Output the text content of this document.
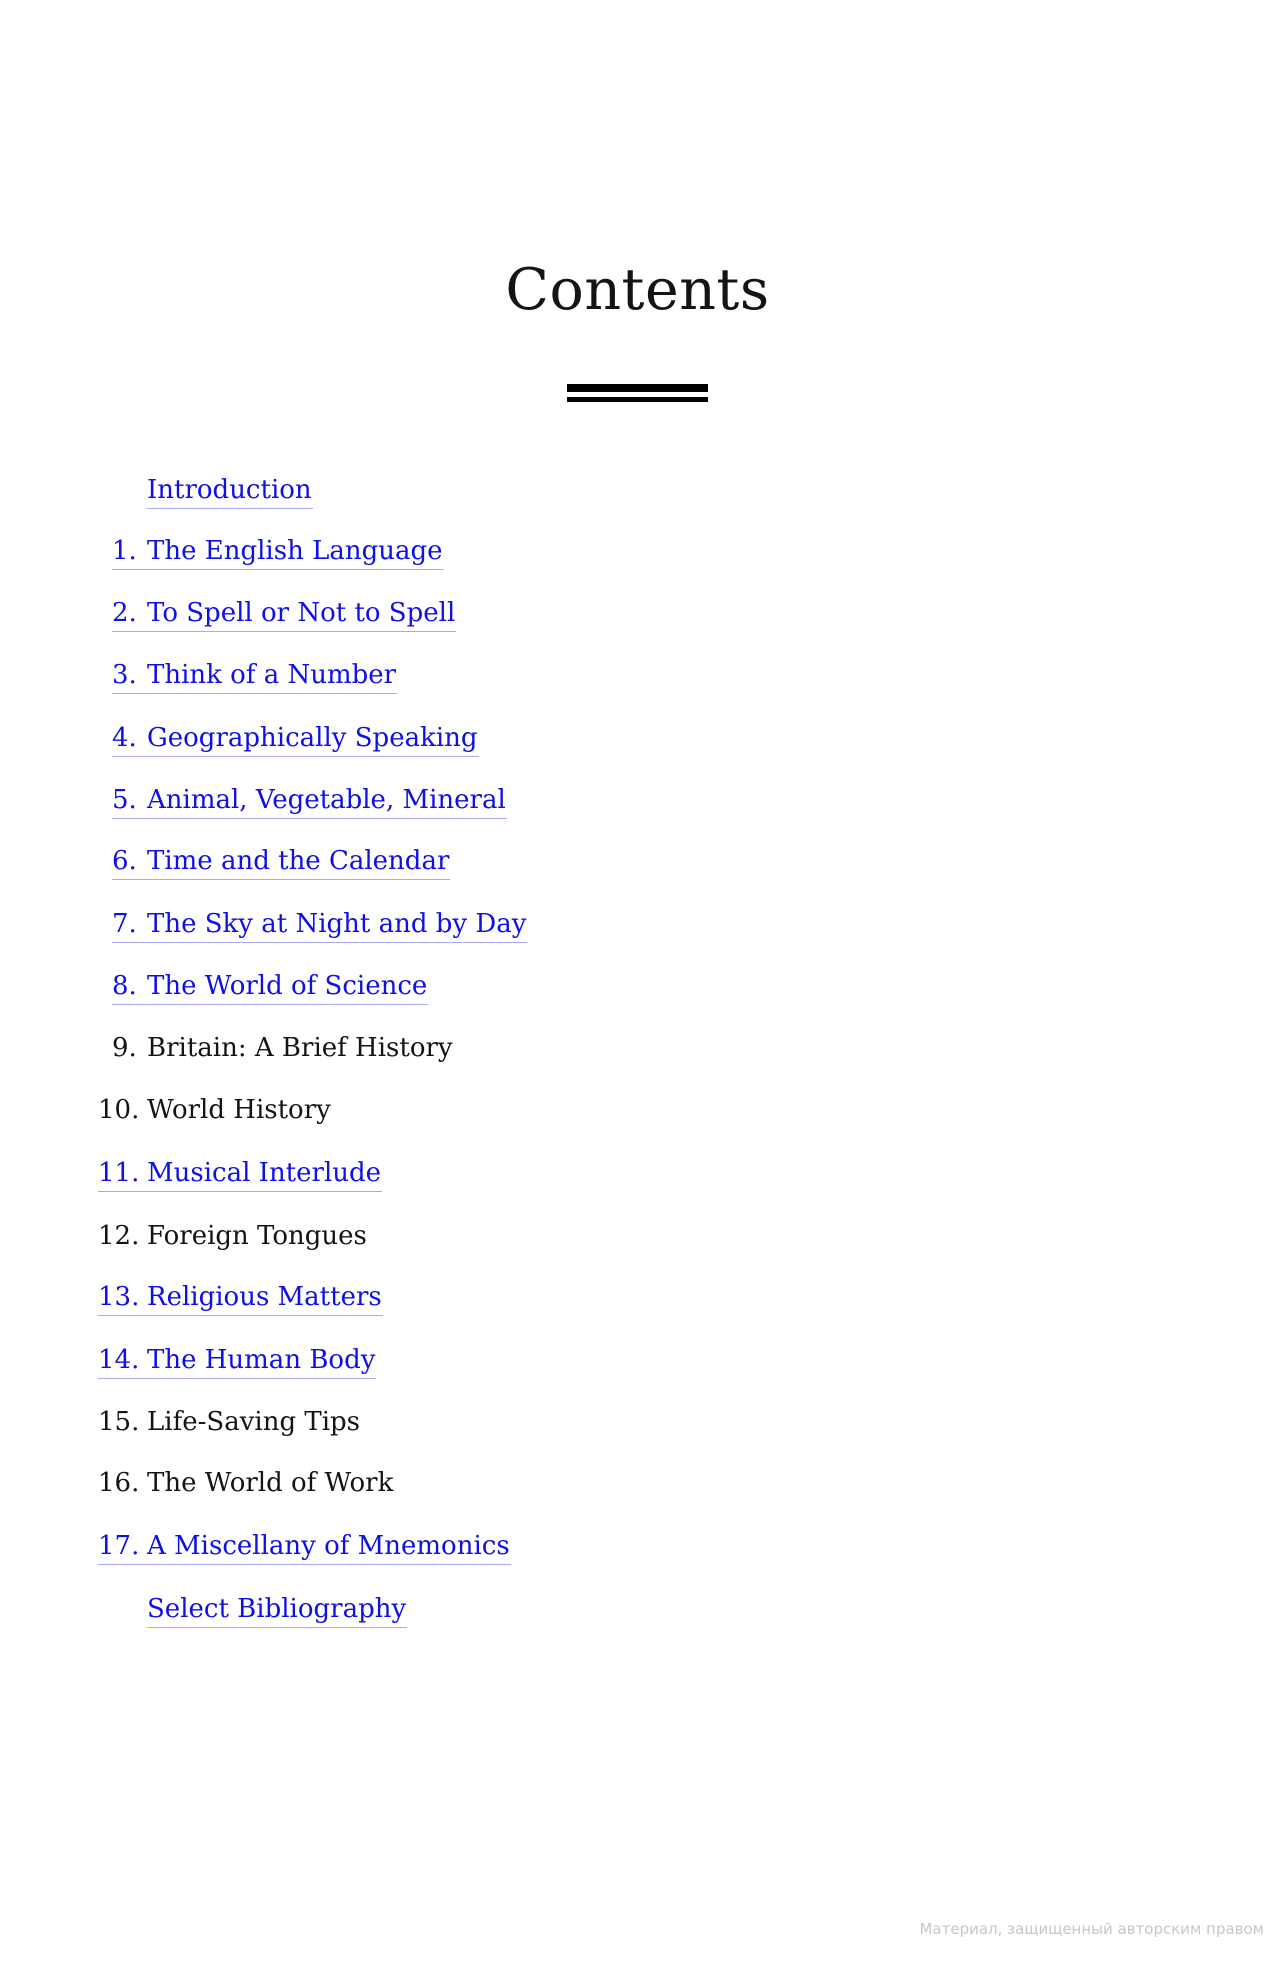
Contents
Introduction
1. The English Language
2. To Spell or Not to Spell
3. Think of a Number
4. Geographically Speaking
5. Animal, Vegetable, Mineral
6. Time and the Calendar
7. The Sky at Night and by Day
8. The World of Science
9. Britain: A Brief History
10. World History
11. Musical Interlude
12. Foreign Tongues
13. Religious Matters
14. The Human Body
15. Life-Saving Tips
16. The World of Work
17. A Miscellany of Mnemonics
Select Bibliography
Материал, защищенный авторским правом
